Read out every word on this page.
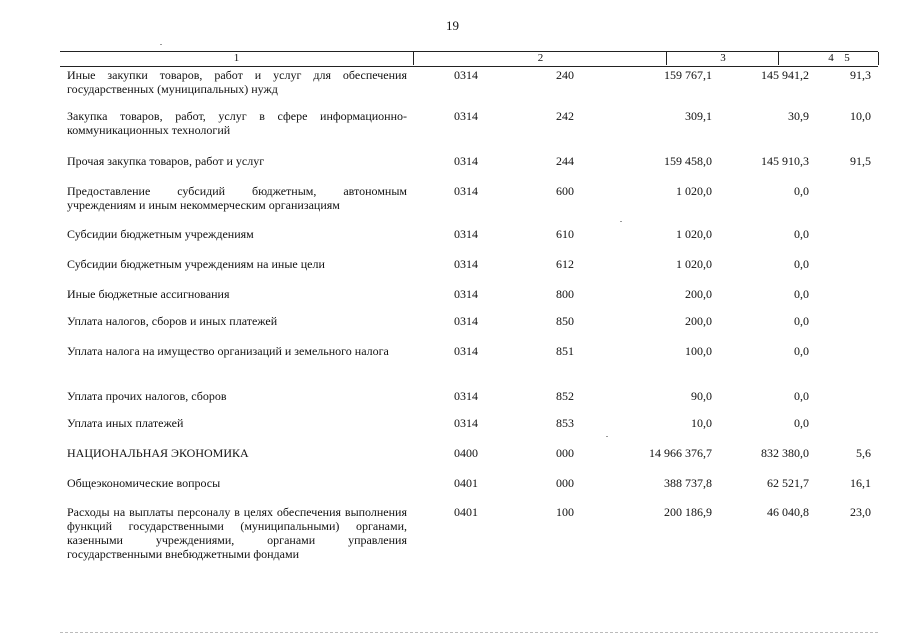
19
1	2	3	4 5
Иные закупки товаров, работ и услуг для обеспечения государственных (муниципальных) нужд
0314	240	159 767,1	145 941,2	91,3
Закупка товаров, работ, услуг в сфере информационно-коммуникационных технологий
0314	242	309,1	30,9	10,0
Прочая закупка товаров, работ и услуг	0314	244	159 458,0	145 910,3	91,5
Предоставление субсидий бюджетным, автономным учреждениям и иным некоммерческим организациям
0314	600	1 020,0	0,0
Субсидии бюджетным учреждениям	0314	610	1 020,0	0,0
Субсидии бюджетным учреждениям на иные цели	0314	612	1 020,0	0,0
Иные бюджетные ассигнования	0314	800	200,0	0,0
Уплата налогов, сборов и иных платежей	0314	850	200,0	0,0
Уплата налога на имущество организаций и земельного налога	0314	851	100,0	0,0
Уплата прочих налогов, сборов	0314	852	90,0	0,0
Уплата иных платежей	0314	853	10,0	0,0
НАЦИОНАЛЬНАЯ ЭКОНОМИКА	0400	000	14 966 376,7	832 380,0	5,6
Общеэкономические вопросы	0401	000	388 737,8	62 521,7	16,1
Расходы на выплаты персоналу в целях обеспечения выполнения функций государственными (муниципальными) органами, казенными учреждениями, органами управления государственными внебюджетными фондами
0401	100	200 186,9	46 040,8	23,0
